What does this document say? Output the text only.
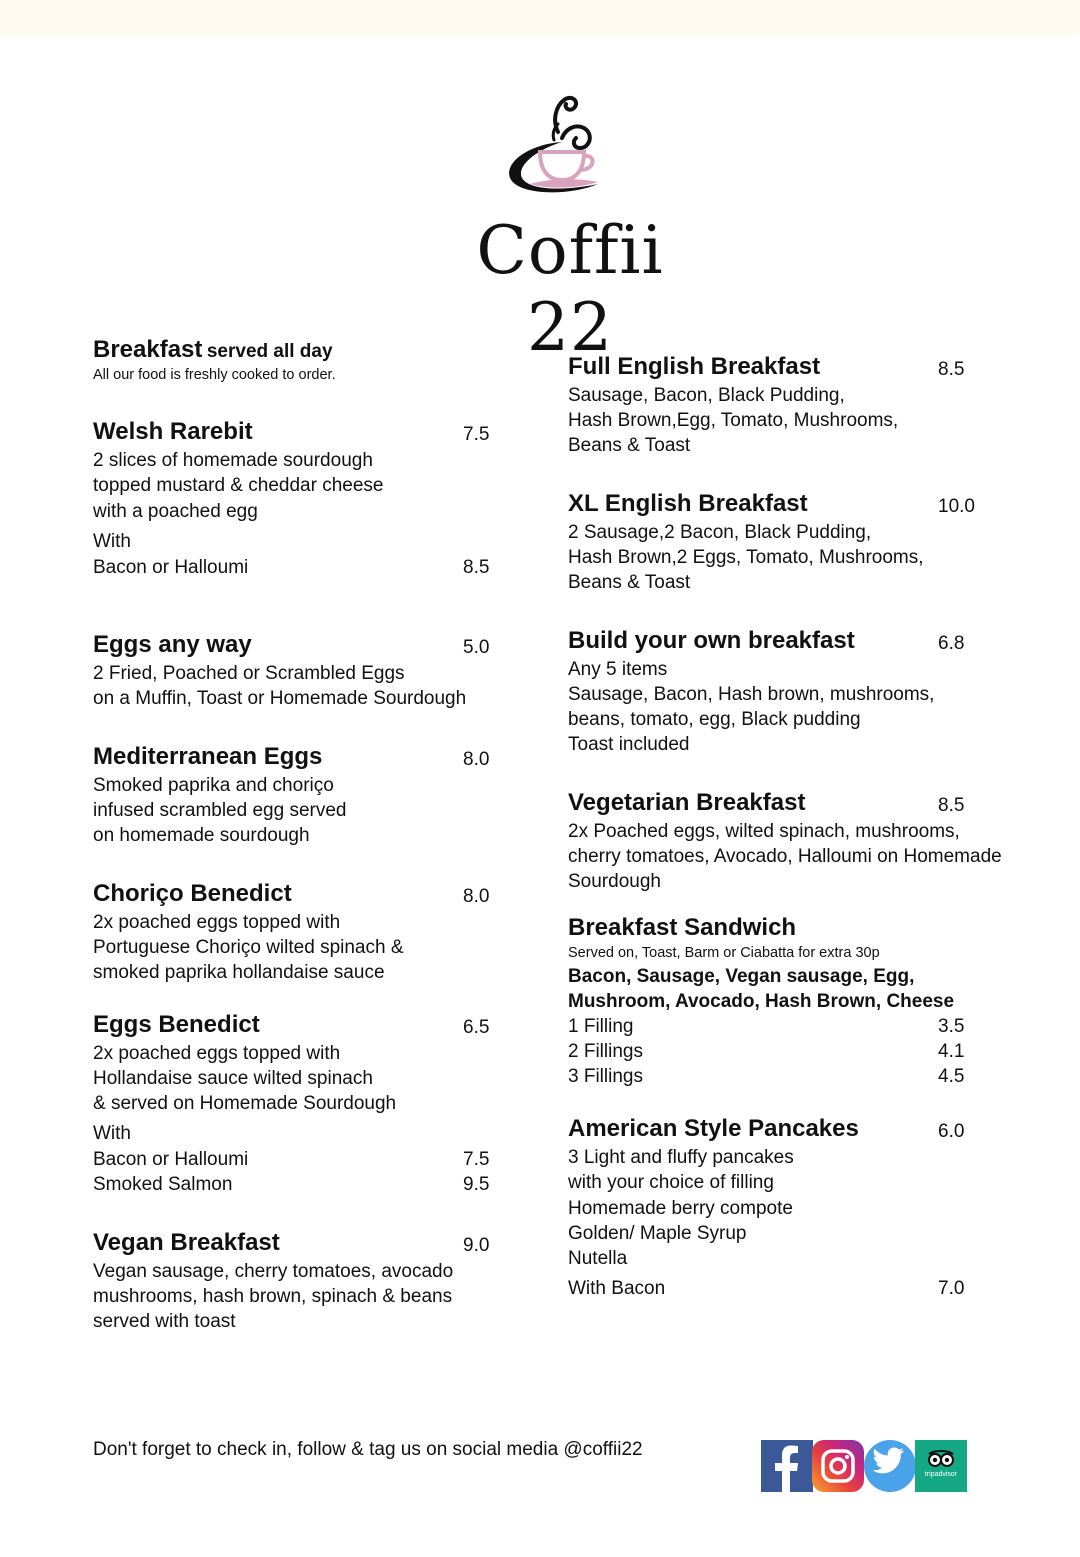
Coffii 22
Breakfast served all day
All our food is freshly cooked to order.
Welsh Rarebit	7.5
2 slices of homemade sourdough
topped mustard & cheddar cheese
with a poached egg
With
Bacon or Halloumi	8.5
Eggs any way	5.0
2 Fried, Poached or Scrambled Eggs
on a Muffin, Toast or Homemade Sourdough
Mediterranean Eggs	8.0
Smoked paprika and choriço
infused scrambled egg served
on homemade sourdough
Choriço Benedict	8.0
2x poached eggs topped with
Portuguese Choriço wilted spinach &
smoked paprika hollandaise sauce
Eggs Benedict	6.5
2x poached eggs topped with
Hollandaise sauce wilted spinach
& served on Homemade Sourdough
With
Bacon or Halloumi	7.5
Smoked Salmon	9.5
Vegan Breakfast	9.0
Vegan sausage, cherry tomatoes, avocado
mushrooms, hash brown, spinach & beans
served with toast
Full English Breakfast	8.5
Sausage, Bacon, Black Pudding,
Hash Brown,Egg, Tomato, Mushrooms,
Beans & Toast
XL English Breakfast	10.0
2 Sausage,2 Bacon, Black Pudding,
Hash Brown,2 Eggs, Tomato, Mushrooms,
Beans & Toast
Build your own breakfast	6.8
Any 5 items
Sausage, Bacon, Hash brown, mushrooms,
beans, tomato, egg, Black pudding
Toast included
Vegetarian Breakfast	8.5
2x Poached eggs, wilted spinach, mushrooms,
cherry tomatoes, Avocado, Halloumi on Homemade
Sourdough
Breakfast Sandwich
Served on, Toast, Barm or Ciabatta for extra 30p
Bacon, Sausage, Vegan sausage, Egg,
Mushroom, Avocado, Hash Brown, Cheese
1 Filling	3.5
2 Fillings	4.1
3 Fillings	4.5
American Style Pancakes	6.0
3 Light and fluffy pancakes
with your choice of filling
Homemade berry compote
Golden/ Maple Syrup
Nutella
With Bacon	7.0
Don't forget to check in, follow & tag us on social media @coffii22
tripadvisor
